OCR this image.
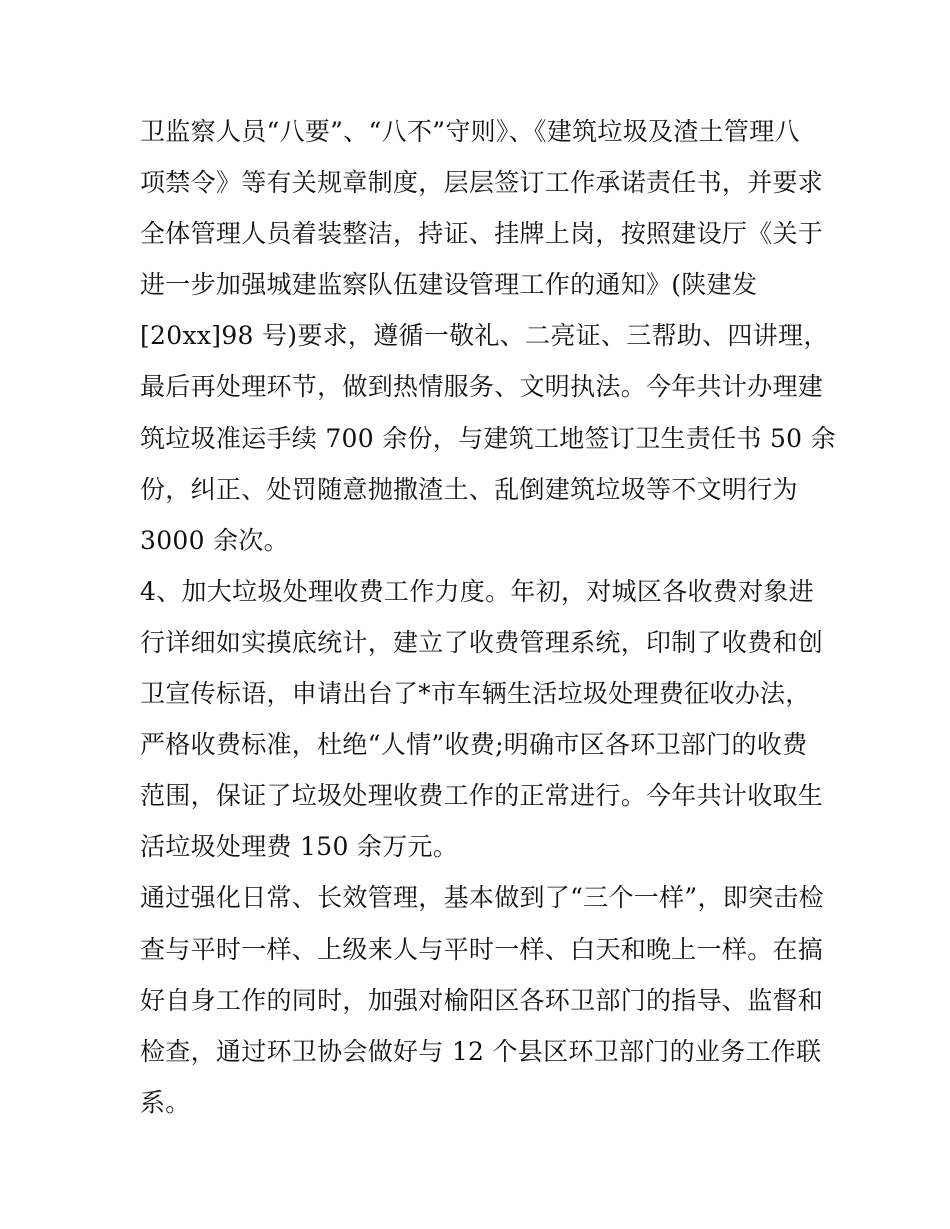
卫监察人员“八要”、“八不”守则》、《建筑垃圾及渣土管理八
项禁令》等有关规章制度，层层签订工作承诺责任书，并要求
全体管理人员着装整洁，持证、挂牌上岗，按照建设厅《关于
进一步加强城建监察队伍建设管理工作的通知》(陕建发
[20xx]98 号)要求，遵循一敬礼、二亮证、三帮助、四讲理，
最后再处理环节，做到热情服务、文明执法。今年共计办理建
筑垃圾准运手续 700 余份，与建筑工地签订卫生责任书 50 余
份，纠正、处罚随意抛撒渣土、乱倒建筑垃圾等不文明行为
3000 余次。
4、加大垃圾处理收费工作力度。年初，对城区各收费对象进
行详细如实摸底统计，建立了收费管理系统，印制了收费和创
卫宣传标语，申请出台了*市车辆生活垃圾处理费征收办法，
严格收费标准，杜绝“人情”收费;明确市区各环卫部门的收费
范围，保证了垃圾处理收费工作的正常进行。今年共计收取生
活垃圾处理费 150 余万元。
通过强化日常、长效管理，基本做到了“三个一样”，即突击检
查与平时一样、上级来人与平时一样、白天和晚上一样。在搞
好自身工作的同时，加强对榆阳区各环卫部门的指导、监督和
检查，通过环卫协会做好与 12 个县区环卫部门的业务工作联
系。
